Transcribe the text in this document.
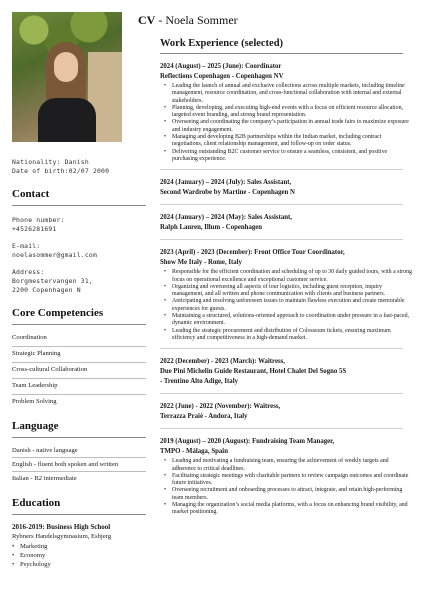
Nationality: Danish
Date of birth:02/07 2000
Contact
Phone number:
+4526281691
E-mail:
noelasommer@gmail.com
Address:
Borgmestervangen 31,
2200 Copenhagen N
Core Competencies
Coordination
Strategic Planning
Cross-cultural Collaboration
Team Leadership
Problem Solving
Language
Danish - native language
English - fluent both spoken and written
Italian - B2 intermediate
Education
2016-2019: Business High School
Rybners Handelsgymnasium, Esbjerg
• Marketing
• Economy
• Psychology
CV - Noela Sommer
Work Experience (selected)
2024 (August) – 2025 (June): Coordinator
Reflections Copenhagen - Copenhagen NV
• Leading the launch of annual and exclusive collections across multiple markets, including timeline management, resource coordination, and cross-functional collaboration with internal and external stakeholders.
• Planning, developing, and executing high-end events with a focus on efficient resource allocation, targeted event branding, and strong brand representation.
• Overseeing and coordinating the company’s participation in annual trade fairs to maximize exposure and industry engagement.
• Managing and developing B2B partnerships within the Indian market, including contract negotiations, client relationship management, and follow-up on order status.
• Delivering outstanding B2C customer service to ensure a seamless, consistent, and positive purchasing experience.
2024 (January) – 2024 (July): Sales Assistant,
Second Wardrobe by Martine - Copenhagen N
2024 (January) – 2024 (May): Sales Assistant,
Ralph Lauren, Illum - Copenhagen
2023 (April) - 2023 (December): Front Office Tour Coordinator,
Show Me Italy - Rome, Italy
• Responsible for the efficient coordination and scheduling of up to 30 daily guided tours, with a strong focus on operational excellence and exceptional customer service.
• Organizing and overseeing all aspects of tour logistics, including guest reception, inquiry management, and all written and phone communication with clients and business partners.
• Anticipating and resolving unforeseen issues to maintain flawless execution and create memorable experiences for guests.
• Maintaining a structured, solutions-oriented approach to coordination under pressure in a fast-paced, dynamic environment.
• Leading the strategic procurement and distribution of Colosseum tickets, ensuring maximum efficiency and competitiveness in a high-demand market.
2022 (December) - 2023 (March): Waitress,
Due Pini Michelin Guide Restaurant, Hotel Chalet Del Sogno 5S
- Trentino Alto Adige, Italy
2022 (June) - 2022 (November): Waitress,
Terrazza Praié - Andora, Italy
2019 (August) – 2020 (August): Fundraising Team Manager,
TMPO - Málaga, Spain
• Leading and motivating a fundraising team, ensuring the achievement of weekly targets and adherence to critical deadlines.
• Facilitating strategic meetings with charitable partners to review campaign outcomes and coordinate future initiatives.
• Overseeing recruitment and onboarding processes to attract, integrate, and retain high-performing team members.
• Managing the organization’s social media platforms, with a focus on enhancing brand visibility, and market positioning.
